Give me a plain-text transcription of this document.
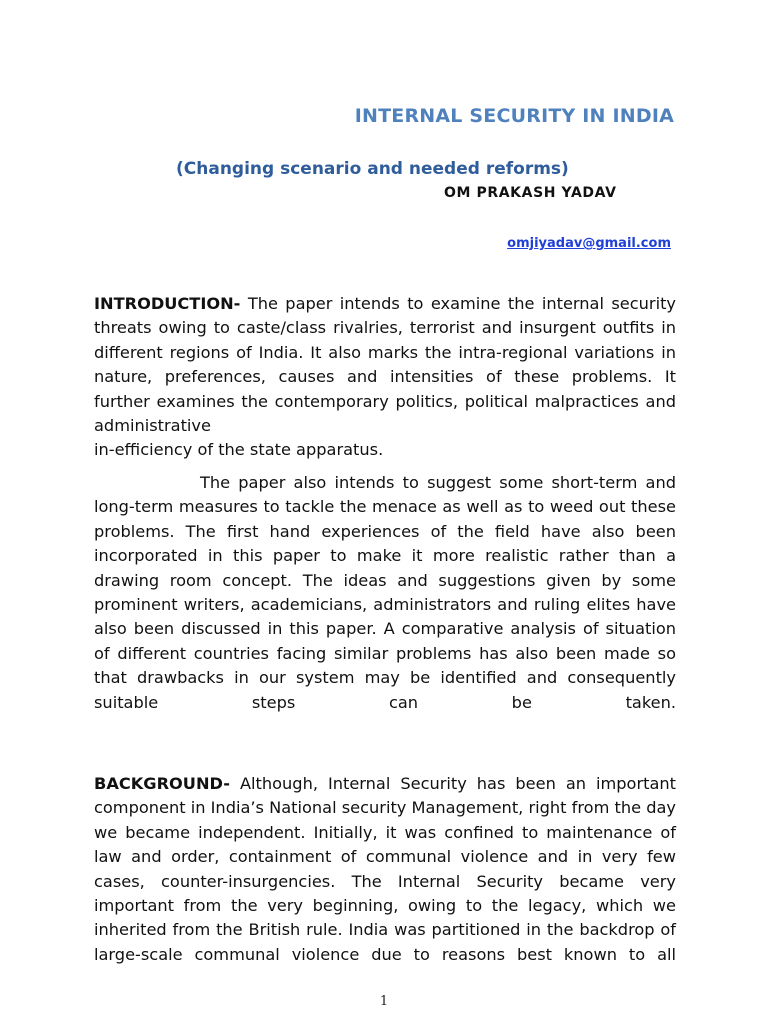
INTERNAL SECURITY IN INDIA
(Changing scenario and needed reforms)
OM PRAKASH YADAV
omjiyadav@gmail.com

INTRODUCTION- The paper intends to examine the internal security threats owing to caste/class rivalries, terrorist and insurgent outfits in different regions of India. It also marks the intra-regional variations in nature, preferences, causes and intensities of these problems. It further examines the contemporary politics, political malpractices and administrative
in-efficiency of the state apparatus.

The paper also intends to suggest some short-term and long-term measures to tackle the menace as well as to weed out these problems. The first hand experiences of the field have also been incorporated in this paper to make it more realistic rather than a drawing room concept. The ideas and suggestions given by some prominent writers, academicians, administrators and ruling elites have also been discussed in this paper. A comparative analysis of situation of different countries facing similar problems has also been made so that drawbacks in our system may be identified and consequently suitable steps can be taken.

BACKGROUND- Although, Internal Security has been an important component in India’s National security Management, right from the day we became independent. Initially, it was confined to maintenance of law and order, containment of communal violence and in very few cases, counter-insurgencies. The Internal Security became very important from the very beginning, owing to the legacy, which we inherited from the British rule. India was partitioned in the backdrop of large-scale communal violence due to reasons best known to all

1
